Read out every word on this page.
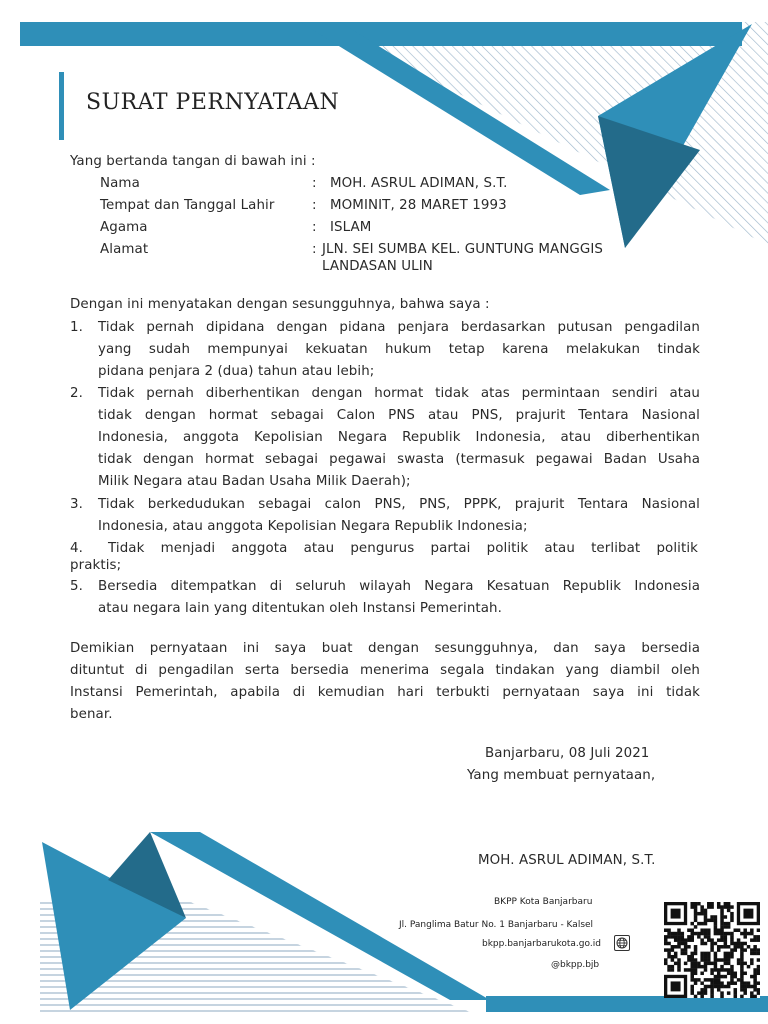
SURAT PERNYATAAN
Yang bertanda tangan di bawah ini :
Nama	: MOH. ASRUL ADIMAN, S.T.
Tempat dan Tanggal Lahir	: MOMINIT, 28 MARET 1993
Agama	: ISLAM
Alamat	: JLN. SEI SUMBA KEL. GUNTUNG MANGGIS
LANDASAN ULIN
Dengan ini menyatakan dengan sesungguhnya, bahwa saya :
1. Tidak pernah dipidana dengan pidana penjara berdasarkan putusan pengadilan
yang sudah mempunyai kekuatan hukum tetap karena melakukan tindak
pidana penjara 2 (dua) tahun atau lebih;
2. Tidak pernah diberhentikan dengan hormat tidak atas permintaan sendiri atau
tidak dengan hormat sebagai Calon PNS atau PNS, prajurit Tentara Nasional
Indonesia, anggota Kepolisian Negara Republik Indonesia, atau diberhentikan
tidak dengan hormat sebagai pegawai swasta (termasuk pegawai Badan Usaha
Milik Negara atau Badan Usaha Milik Daerah);
3. Tidak berkedudukan sebagai calon PNS, PNS, PPPK, prajurit Tentara Nasional
Indonesia, atau anggota Kepolisian Negara Republik Indonesia;
4. Tidak menjadi anggota atau pengurus partai politik atau terlibat politik
praktis;
5. Bersedia ditempatkan di seluruh wilayah Negara Kesatuan Republik Indonesia
atau negara lain yang ditentukan oleh Instansi Pemerintah.
Demikian pernyataan ini saya buat dengan sesungguhnya, dan saya bersedia
dituntut di pengadilan serta bersedia menerima segala tindakan yang diambil oleh
Instansi Pemerintah, apabila di kemudian hari terbukti pernyataan saya ini tidak
benar.
Banjarbaru, 08 Juli 2021
Yang membuat pernyataan,
MOH. ASRUL ADIMAN, S.T.
BKPP Kota Banjarbaru
Jl. Panglima Batur No. 1 Banjarbaru - Kalsel
bkpp.banjarbarukota.go.id
@bkpp.bjb
